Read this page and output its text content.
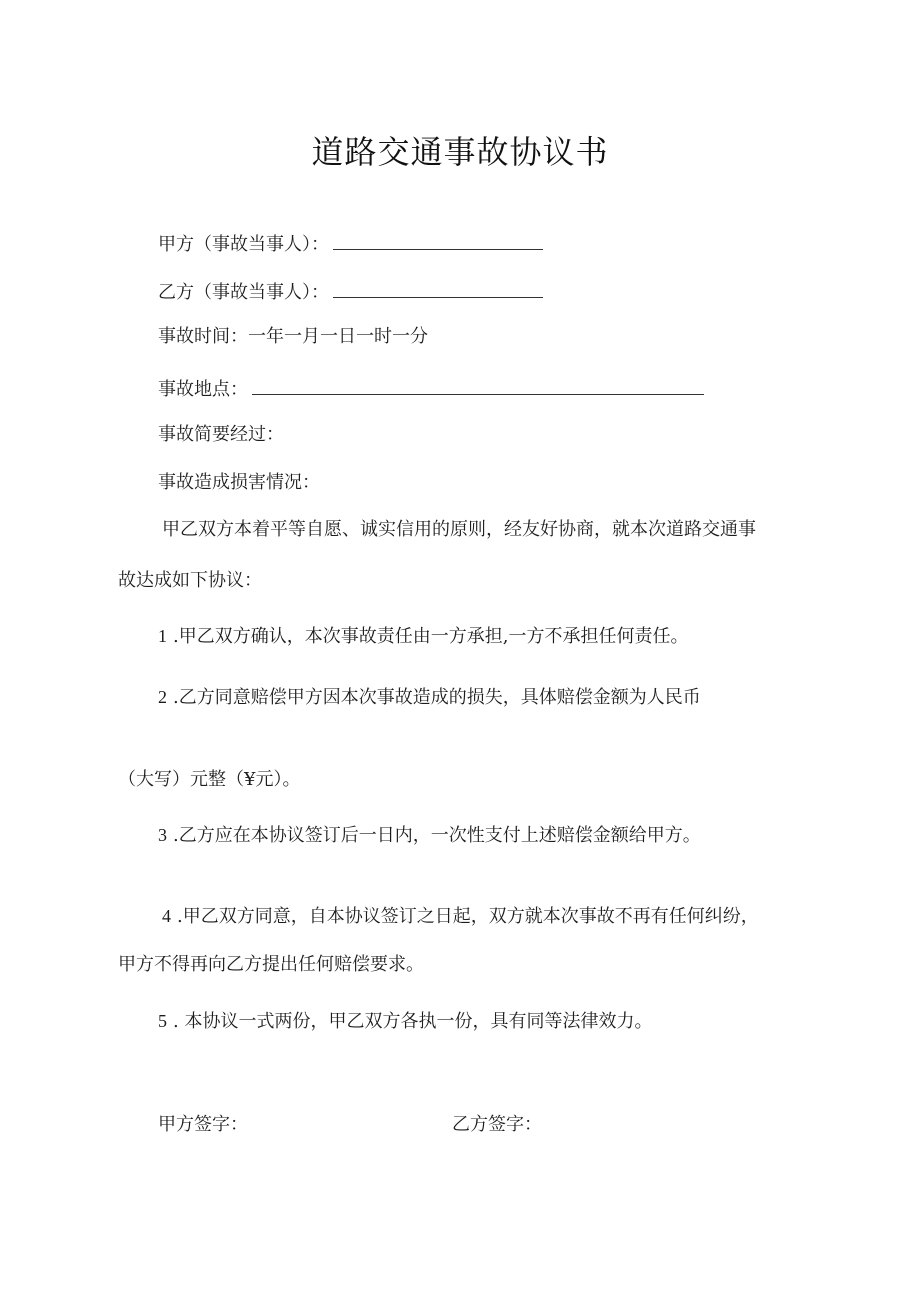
道路交通事故协议书
甲方（事故当事人）：
乙方（事故当事人）：
事故时间：一年一月一日一时一分
事故地点：
事故简要经过：
事故造成损害情况：
甲乙双方本着平等自愿、诚实信用的原则，经友好协商，就本次道路交通事
故达成如下协议：
1 .甲乙双方确认，本次事故责任由一方承担,一方不承担任何责任。
2 .乙方同意赔偿甲方因本次事故造成的损失，具体赔偿金额为人民币
（大写）元整（¥元）。
3 .乙方应在本协议签订后一日内，一次性支付上述赔偿金额给甲方。
4 .甲乙双方同意，自本协议签订之日起，双方就本次事故不再有任何纠纷，
甲方不得再向乙方提出任何赔偿要求。
5 . 本协议一式两份，甲乙双方各执一份，具有同等法律效力。
甲方签字：	乙方签字：
